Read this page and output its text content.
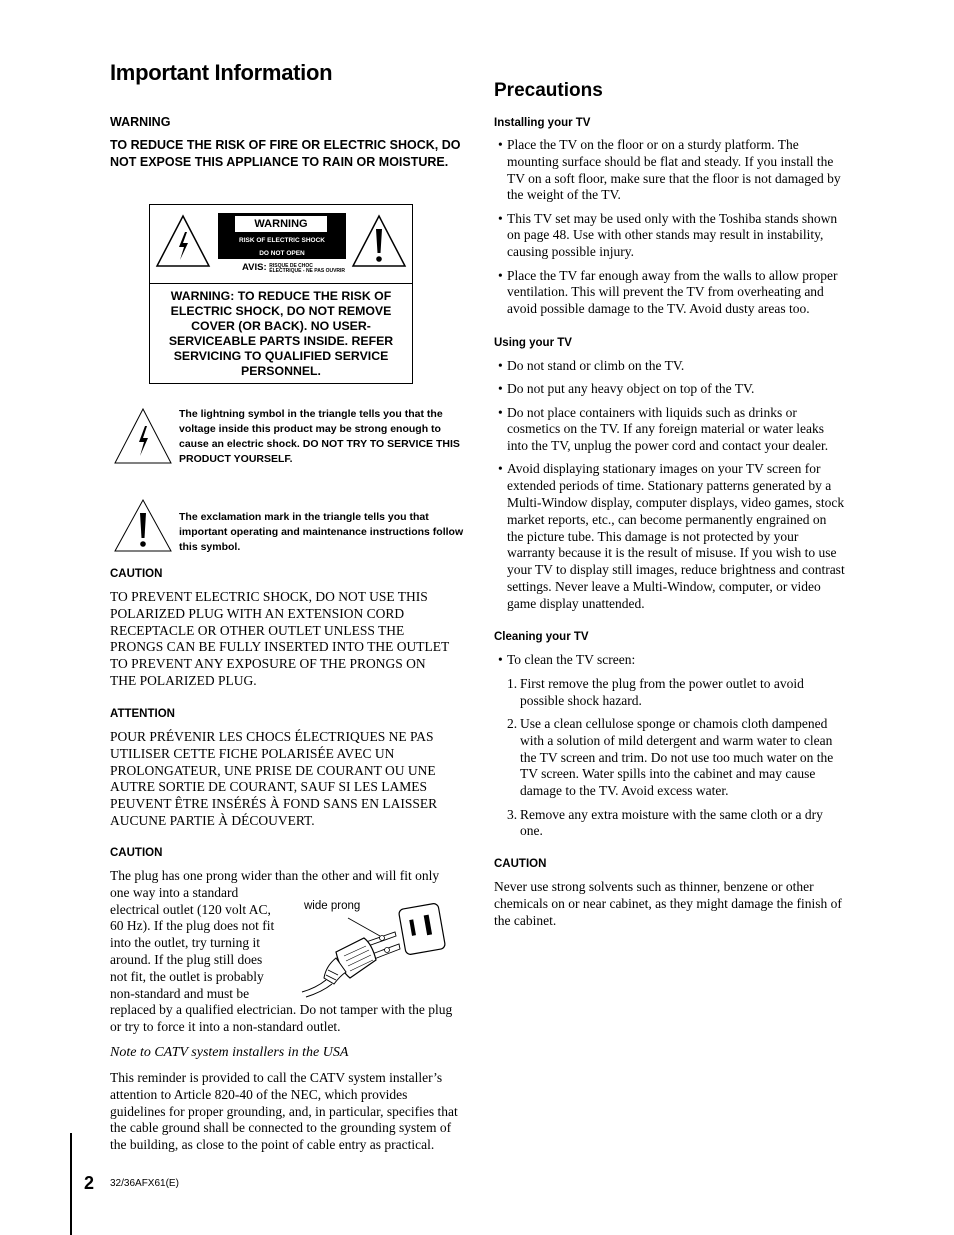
Important Information
WARNING
TO REDUCE THE RISK OF FIRE OR ELECTRIC SHOCK, DO NOT EXPOSE THIS APPLIANCE TO RAIN OR MOISTURE.
WARNING
RISK OF ELECTRIC SHOCK
DO NOT OPEN
AVIS: RISQUE DE CHOC
ÉLECTRIQUE - NE PAS OUVRIR
WARNING: TO REDUCE THE RISK OF ELECTRIC SHOCK, DO NOT REMOVE COVER (OR BACK). NO USER-SERVICEABLE PARTS INSIDE. REFER SERVICING TO QUALIFIED SERVICE PERSONNEL.
The lightning symbol in the triangle tells you that the voltage inside this product may be strong enough to cause an electric shock. DO NOT TRY TO SERVICE THIS PRODUCT YOURSELF.
The exclamation mark in the triangle tells you that important operating and maintenance instructions follow this symbol.
CAUTION
TO PREVENT ELECTRIC SHOCK, DO NOT USE THIS POLARIZED PLUG WITH AN EXTENSION CORD RECEPTACLE OR OTHER OUTLET UNLESS THE PRONGS CAN BE FULLY INSERTED INTO THE OUTLET TO PREVENT ANY EXPOSURE OF THE PRONGS ON THE POLARIZED PLUG.
ATTENTION
POUR PRÉVENIR LES CHOCS ÉLECTRIQUES NE PAS UTILISER CETTE FICHE POLARISÉE AVEC UN PROLONGATEUR, UNE PRISE DE COURANT OU UNE AUTRE SORTIE DE COURANT, SAUF SI LES LAMES PEUVENT ÊTRE INSÉRÉS À FOND SANS EN LAISSER AUCUNE PARTIE À DÉCOUVERT.
CAUTION
The plug has one prong wider than the other and will fit only
one way into a standard
electrical outlet (120 volt AC,
60 Hz). If the plug does not fit
into the outlet, try turning it
around. If the plug still does
not fit, the outlet is probably
non-standard and must be
replaced by a qualified electrician. Do not tamper with the plug or try to force it into a non-standard outlet.
wide prong
Note to CATV system installers in the USA
This reminder is provided to call the CATV system installer’s attention to Article 820-40 of the NEC, which provides guidelines for proper grounding, and, in particular, specifies that the cable ground shall be connected to the grounding system of the building, as close to the point of cable entry as practical.
Precautions
Installing your TV
• Place the TV on the floor or on a sturdy platform. The mounting surface should be flat and steady. If you install the TV on a soft floor, make sure that the floor is not damaged by the weight of the TV.
• This TV set may be used only with the Toshiba stands shown on page 48. Use with other stands may result in instability, causing possible injury.
• Place the TV far enough away from the walls to allow proper ventilation. This will prevent the TV from overheating and avoid possible damage to the TV. Avoid dusty areas too.
Using your TV
• Do not stand or climb on the TV.
• Do not put any heavy object on top of the TV.
• Do not place containers with liquids such as drinks or cosmetics on the TV. If any foreign material or water leaks into the TV, unplug the power cord and contact your dealer.
• Avoid displaying stationary images on your TV screen for extended periods of time. Stationary patterns generated by a Multi-Window display, computer displays, video games, stock market reports, etc., can become permanently engrained on the picture tube. This damage is not protected by your warranty because it is the result of misuse. If you wish to use your TV to display still images, reduce brightness and contrast settings. Never leave a Multi-Window, computer, or video game display unattended.
Cleaning your TV
• To clean the TV screen:
1. First remove the plug from the power outlet to avoid possible shock hazard.
2. Use a clean cellulose sponge or chamois cloth dampened with a solution of mild detergent and warm water to clean the TV screen and trim. Do not use too much water on the TV screen. Water spills into the cabinet and may cause damage to the TV. Avoid excess water.
3. Remove any extra moisture with the same cloth or a dry one.
CAUTION
Never use strong solvents such as thinner, benzene or other chemicals on or near cabinet, as they might damage the finish of the cabinet.
2 32/36AFX61(E)
